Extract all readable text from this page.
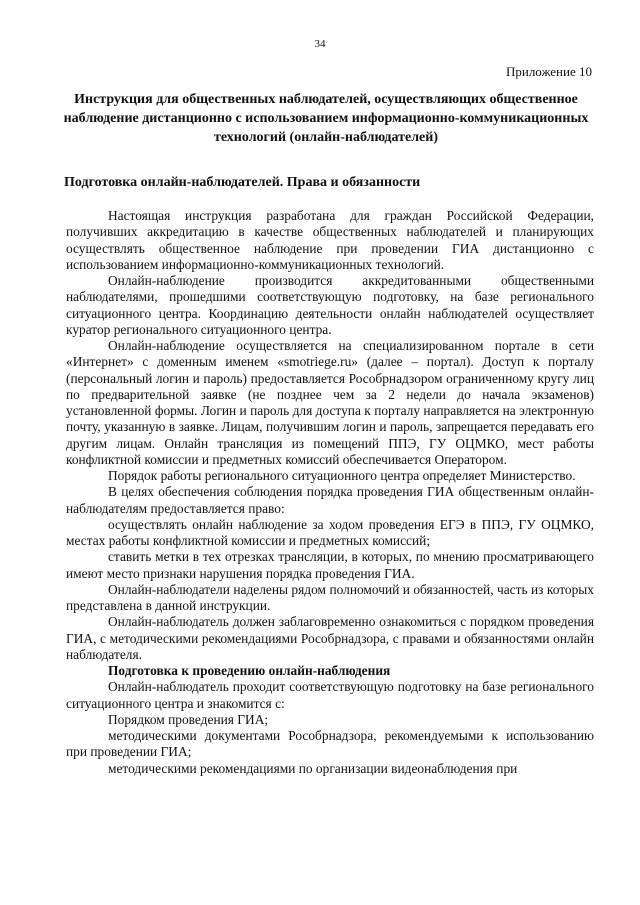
34
Приложение 10
Инструкция для общественных наблюдателей, осуществляющих общественное наблюдение дистанционно с использованием информационно-коммуникационных технологий (онлайн-наблюдателей)
Подготовка онлайн-наблюдателей. Права и обязанности

Настоящая инструкция разработана для граждан Российской Федерации, получивших аккредитацию в качестве общественных наблюдателей и планирующих осуществлять общественное наблюдение при проведении ГИА дистанционно с использованием информационно-коммуникационных технологий.

Онлайн-наблюдение производится аккредитованными общественными наблюдателями, прошедшими соответствующую подготовку, на базе регионального ситуационного центра. Координацию деятельности онлайн наблюдателей осуществляет куратор регионального ситуационного центра.

Онлайн-наблюдение осуществляется на специализированном портале в сети «Интернет» с доменным именем «smotriege.ru» (далее – портал). Доступ к порталу (персональный логин и пароль) предоставляется Рособрнадзором ограниченному кругу лиц по предварительной заявке (не позднее чем за 2 недели до начала экзаменов) установленной формы. Логин и пароль для доступа к порталу направляется на электронную почту, указанную в заявке. Лицам, получившим логин и пароль, запрещается передавать его другим лицам. Онлайн трансляция из помещений ППЭ, ГУ ОЦМКО, мест работы конфликтной комиссии и предметных комиссий обеспечивается Оператором.

Порядок работы регионального ситуационного центра определяет Министерство.

В целях обеспечения соблюдения порядка проведения ГИА общественным онлайн-наблюдателям предоставляется право:

осуществлять онлайн наблюдение за ходом проведения ЕГЭ в ППЭ, ГУ ОЦМКО, местах работы конфликтной комиссии и предметных комиссий;

ставить метки в тех отрезках трансляции, в которых, по мнению просматривающего имеют место признаки нарушения порядка проведения ГИА.

Онлайн-наблюдатели наделены рядом полномочий и обязанностей, часть из которых представлена в данной инструкции.

Онлайн-наблюдатель должен заблаговременно ознакомиться с порядком проведения ГИА, с методическими рекомендациями Рособрнадзора, с правами и обязанностями онлайн наблюдателя.

Подготовка к проведению онлайн-наблюдения

Онлайн-наблюдатель проходит соответствующую подготовку на базе регионального ситуационного центра и знакомится с:

Порядком проведения ГИА;

методическими документами Рособрнадзора, рекомендуемыми к использованию при проведении ГИА;

методическими рекомендациями по организации видеонаблюдения при
